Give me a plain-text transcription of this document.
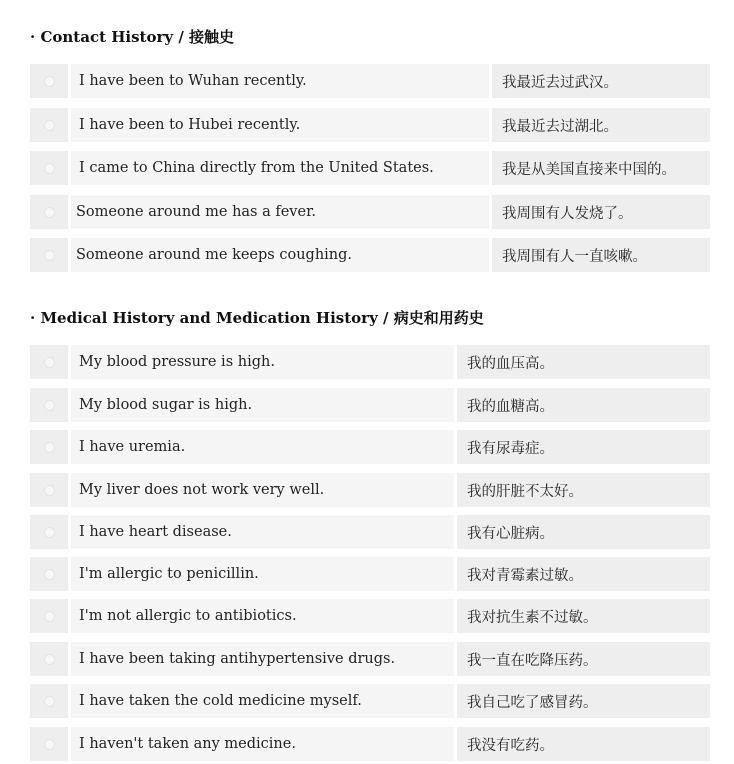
· Contact History / 接触史
I have been to Wuhan recently.	我最近去过武汉。
I have been to Hubei recently.	我最近去过湖北。
I came to China directly from the United States.	我是从美国直接来中国的。
Someone around me has a fever.	我周围有人发烧了。
Someone around me keeps coughing.	我周围有人一直咳嗽。
· Medical History and Medication History / 病史和用药史
My blood pressure is high.	我的血压高。
My blood sugar is high.	我的血糖高。
I have uremia.	我有尿毒症。
My liver does not work very well.	我的肝脏不太好。
I have heart disease.	我有心脏病。
I'm allergic to penicillin.	我对青霉素过敏。
I'm not allergic to antibiotics.	我对抗生素不过敏。
I have been taking antihypertensive drugs.	我一直在吃降压药。
I have taken the cold medicine myself.	我自己吃了感冒药。
I haven't taken any medicine.	我没有吃药。
